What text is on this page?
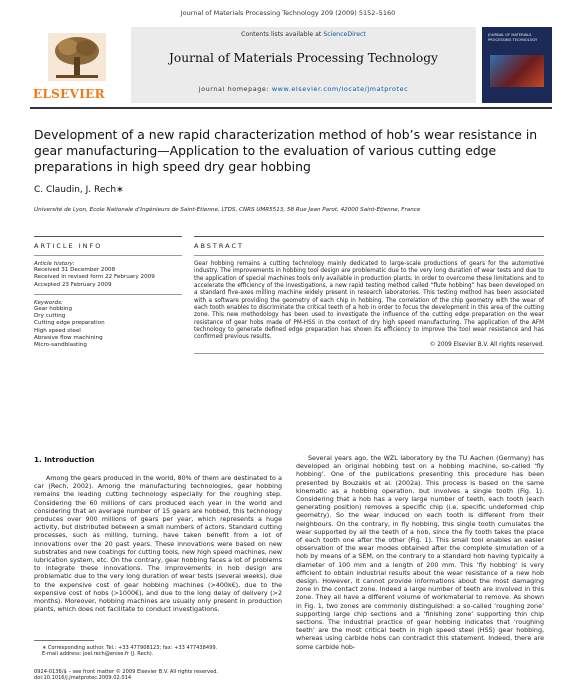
Journal of Materials Processing Technology 209 (2009) 5152–5160
ELSEVIER
Contents lists available at ScienceDirect
Journal of Materials Processing Technology
journal homepage: www.elsevier.com/locate/jmatprotec
JOURNAL OF MATERIALS PROCESSING TECHNOLOGY
Development of a new rapid characterization method of hob’s wear resistance in gear manufacturing—Application to the evaluation of various cutting edge preparations in high speed dry gear hobbing
C. Claudin, J. Rech∗
Université de Lyon, Ecole Nationale d’Ingénieurs de Saint-Etienne, LTDS, CNRS UMR5513, 58 Rue Jean Parot, 42000 Saint-Etienne, France
ARTICLE INFO
Article history:
Received 31 December 2008
Received in revised form 22 February 2009
Accepted 23 February 2009
Keywords:
Gear hobbing
Dry cutting
Cutting edge preparation
High speed steel
Abrasive flow machining
Micro-sandblasting
ABSTRACT
Gear hobbing remains a cutting technology mainly dedicated to large-scale productions of gears for the automotive industry. The improvements in hobbing tool design are problematic due to the very long duration of wear tests and due to the application of special machines tools only available in production plants. In order to overcome these limitations and to accelerate the efficiency of the investigations, a new rapid testing method called “flute hobbing” has been developed on a standard five-axes milling machine widely present in research laboratories. This testing method has been associated with a software providing the geometry of each chip in hobbing. The correlation of the chip geometry with the wear of each tooth enables to discriminate the critical teeth of a hob in order to focus the development in this area of the cutting zone. This new methodology has been used to investigate the influence of the cutting edge preparation on the wear resistance of gear hobs made of PM-HSS in the context of dry high speed manufacturing. The application of the AFM technology to generate defined edge preparation has shown its efficiency to improve the tool wear resistance and has confirmed previous results.
© 2009 Elsevier B.V. All rights reserved.
1. Introduction
Among the gears produced in the world, 80% of them are destinated to a car (Rech, 2002). Among the manufacturing technologies, gear hobbing remains the leading cutting technology especially for the roughing step. Considering the 60 millions of cars produced each year in the world and considering that an average number of 15 gears are hobbed, this technology produces over 900 millions of gears per year, which represents a huge activity, but distributed between a small numbers of actors. Standard cutting processes, such as milling, turning, have taken benefit from a lot of innovations over the 20 past years. These innovations were based on new substrates and new coatings for cutting tools, new high speed machines, new lubrication system, etc. On the contrary, gear hobbing faces a lot of problems to integrate these innovations. The improvements in hob design are problematic due to the very long duration of wear tests (several weeks), due to the expensive cost of gear hobbing machines (>400k€), due to the expensive cost of hobs (>1000€), and due to the long delay of delivery (>2 months). Moreover, hobbing machines are usually only present in production plants, which does not facilitate to conduct investigations.
Several years ago, the WZL laboratory by the TU Aachen (Germany) has developed an original hobbing test on a hobbing machine, so-called ‘fly hobbing’. One of the publications presenting this procedure has been presented by Bouzakis et al. (2002a). This process is based on the same kinematic as a hobbing operation, but involves a single tooth (Fig. 1). Considering that a hob has a very large number of teeth, each tooth (each generating position) removes a specific chip (i.e. specific undeformed chip geometry). So the wear induced on each tooth is different from their neighbours. On the contrary, in fly hobbing, this single tooth cumulates the wear supported by all the teeth of a hob, since the fly tooth takes the place of each tooth one after the other (Fig. 1). This small tool enables an easier observation of the wear modes obtained after the complete simulation of a hob by means of a SEM, on the contrary to a standard hob having typically a diameter of 100 mm and a length of 200 mm. This ‘fly hobbing’ is very efficient to obtain industrial results about the wear resistance of a new hob design. However, it cannot provide informations about the most damaging zone in the contact zone. Indeed a large number of teeth are involved in this zone. They all have a different volume of workmaterial to remove. As shown in Fig. 1, two zones are commonly distinguished: a so-called ‘roughing zone’ supporting large chip sections and a ‘finishing zone’ supporting thin chip sections. The industrial practice of gear hobbing indicates that ‘roughing teeth’ are the most critical teeth in high speed steel (HSS) gear hobbing, whereas using carbide hobs can contradict this statement. Indeed, there are some carbide hob-
∗ Corresponding author. Tel.: +33 477908123; fax: +33 477438499.
E-mail address: joel.rech@enise.fr (J. Rech).
0924-0136/$ – see front matter © 2009 Elsevier B.V. All rights reserved.
doi:10.1016/j.jmatprotec.2009.02.014
